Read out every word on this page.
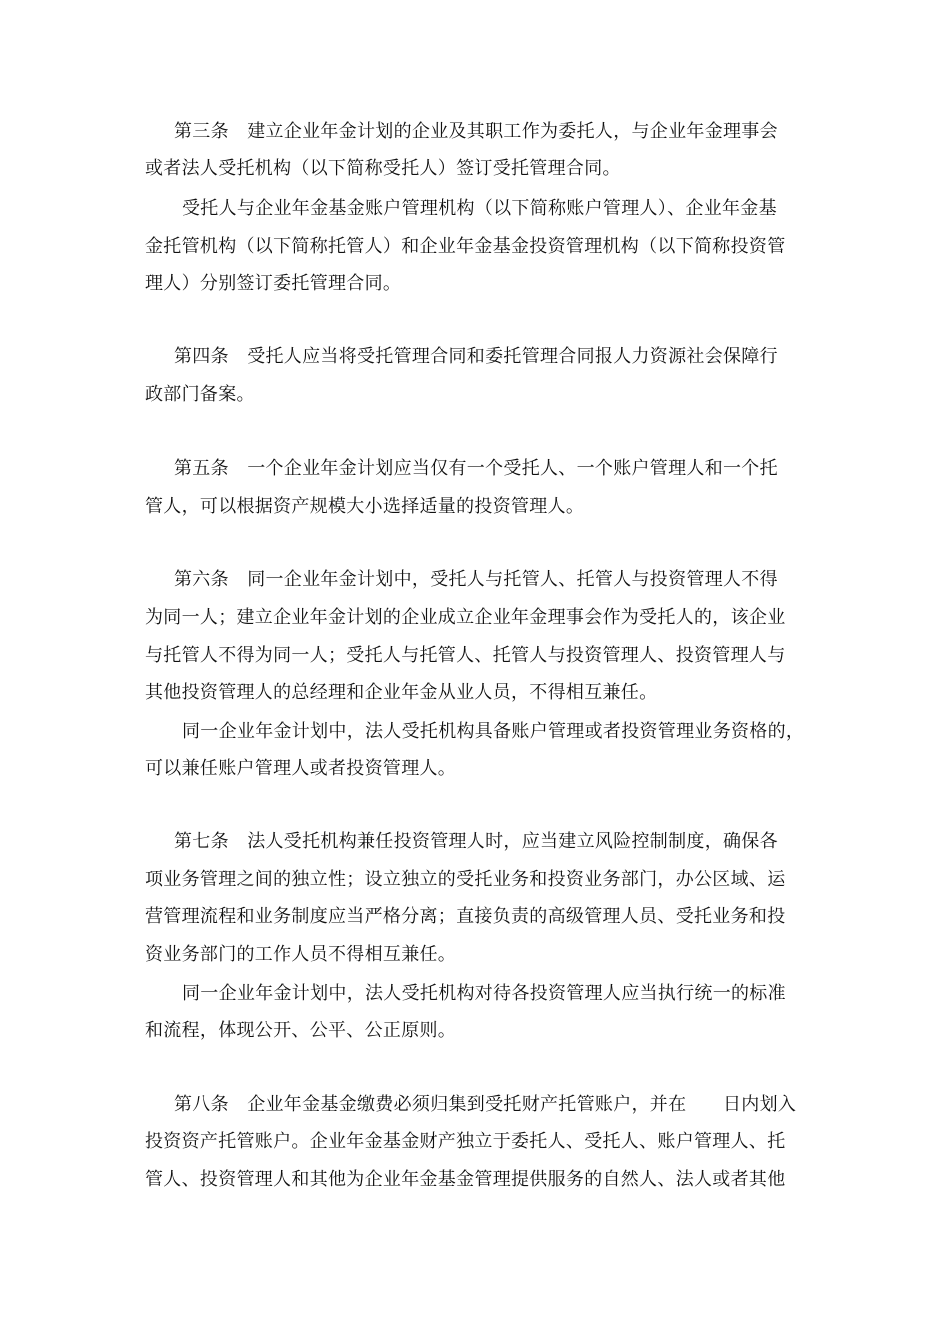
第三条　建立企业年金计划的企业及其职工作为委托人，与企业年金理事会
或者法人受托机构（以下简称受托人）签订受托管理合同。
受托人与企业年金基金账户管理机构（以下简称账户管理人）、企业年金基
金托管机构（以下简称托管人）和企业年金基金投资管理机构（以下简称投资管
理人）分别签订委托管理合同。
第四条　受托人应当将受托管理合同和委托管理合同报人力资源社会保障行
政部门备案。
第五条　一个企业年金计划应当仅有一个受托人、一个账户管理人和一个托
管人，可以根据资产规模大小选择适量的投资管理人。
第六条　同一企业年金计划中，受托人与托管人、托管人与投资管理人不得
为同一人；建立企业年金计划的企业成立企业年金理事会作为受托人的，该企业
与托管人不得为同一人；受托人与托管人、托管人与投资管理人、投资管理人与
其他投资管理人的总经理和企业年金从业人员，不得相互兼任。
同一企业年金计划中，法人受托机构具备账户管理或者投资管理业务资格的，
可以兼任账户管理人或者投资管理人。
第七条　法人受托机构兼任投资管理人时，应当建立风险控制制度，确保各
项业务管理之间的独立性；设立独立的受托业务和投资业务部门，办公区域、运
营管理流程和业务制度应当严格分离；直接负责的高级管理人员、受托业务和投
资业务部门的工作人员不得相互兼任。
同一企业年金计划中，法人受托机构对待各投资管理人应当执行统一的标准
和流程，体现公开、公平、公正原则。
第八条　企业年金基金缴费必须归集到受托财产托管账户，并在　　日内划入
投资资产托管账户。企业年金基金财产独立于委托人、受托人、账户管理人、托
管人、投资管理人和其他为企业年金基金管理提供服务的自然人、法人或者其他
